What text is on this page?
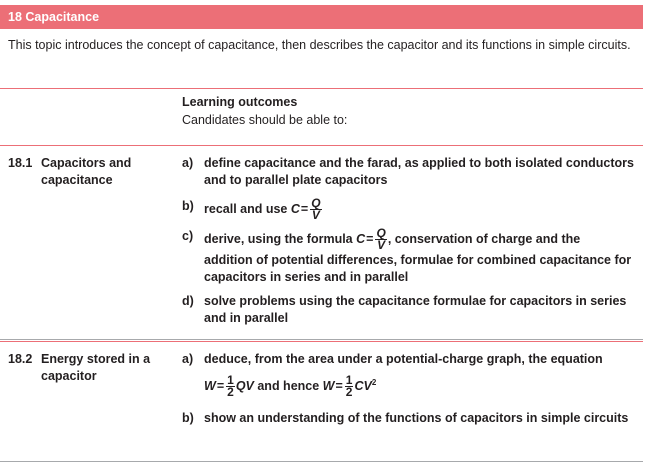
18 Capacitance
This topic introduces the concept of capacitance, then describes the capacitor and its functions in simple circuits.
Learning outcomes
Candidates should be able to:
18.1 Capacitors and
capacitance
a) define capacitance and the farad, as applied to both isolated conductors and to parallel plate capacitors
b) recall and use $C= \frac{Q}{V}$
c) derive, using the formula $C= \frac{Q}{V}$ , conservation of charge and the
addition of potential differences, formulae for combined capacitance for capacitors in series and in parallel
d) solve problems using the capacitance formulae for capacitors in series and in parallel
18.2 Energy stored in a
capacitor
a) deduce, from the area under a potential-charge graph, the equation
$W= \frac{1}{2}$ QV and hence $W= \frac{1}{2} CV^2$
b) show an understanding of the functions of capacitors in simple circuits
